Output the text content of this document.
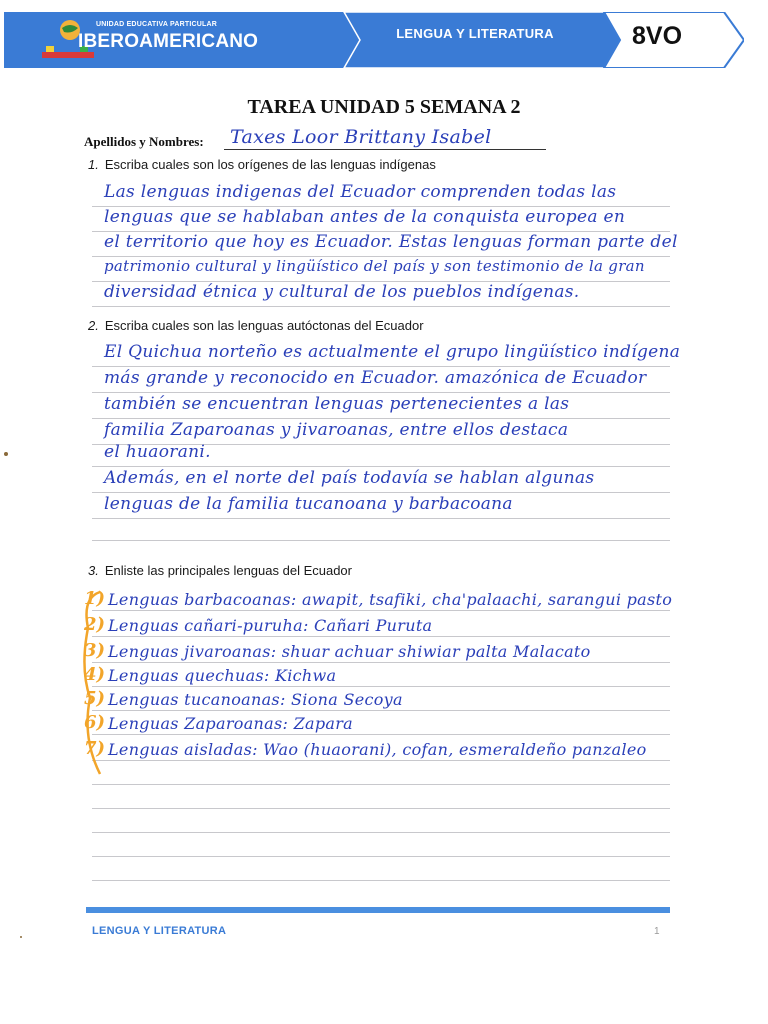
UNIDAD EDUCATIVA PARTICULAR
IBEROAMERICANO	LENGUA Y LITERATURA	8VO
TAREA UNIDAD 5 SEMANA 2
Apellidos y Nombres: Taxes Loor Brittany Isabel
1. Escriba cuales son los orígenes de las lenguas indígenas
Las lenguas indigenas del Ecuador comprenden todas las
lenguas que se hablaban antes de la conquista europea en
el territorio que hoy es Ecuador. Estas lenguas forman parte del
patrimonio cultural y lingüístico del país y son testimonio de la gran
diversidad étnica y cultural de los pueblos indígenas.
2. Escriba cuales son las lenguas autóctonas del Ecuador
El Quichua norteño es actualmente el grupo lingüístico indígena
más grande y reconocido en Ecuador. amazónica de Ecuador
también se encuentran lenguas pertenecientes a las
familia Zaparoanas y jivaroanas, entre ellos destaca
el huaorani.
Además, en el norte del país todavía se hablan algunas
lenguas de la familia tucanoana y barbacoana
3. Enliste las principales lenguas del Ecuador
1) Lenguas barbacoanas: awapit, tsafiki, cha'palaachi, sarangui pasto
2) Lenguas cañari-puruha: Cañari Puruta
3) Lenguas jivaroanas: shuar achuar shiwiar palta Malacato
4) Lenguas quechuas: Kichwa
5) Lenguas tucanoanas: Siona Secoya
6) Lenguas Zaparoanas: Zapara
7) Lenguas aisladas: Wao (huaorani), cofan, esmeraldeño panzaleo
LENGUA Y LITERATURA	1
